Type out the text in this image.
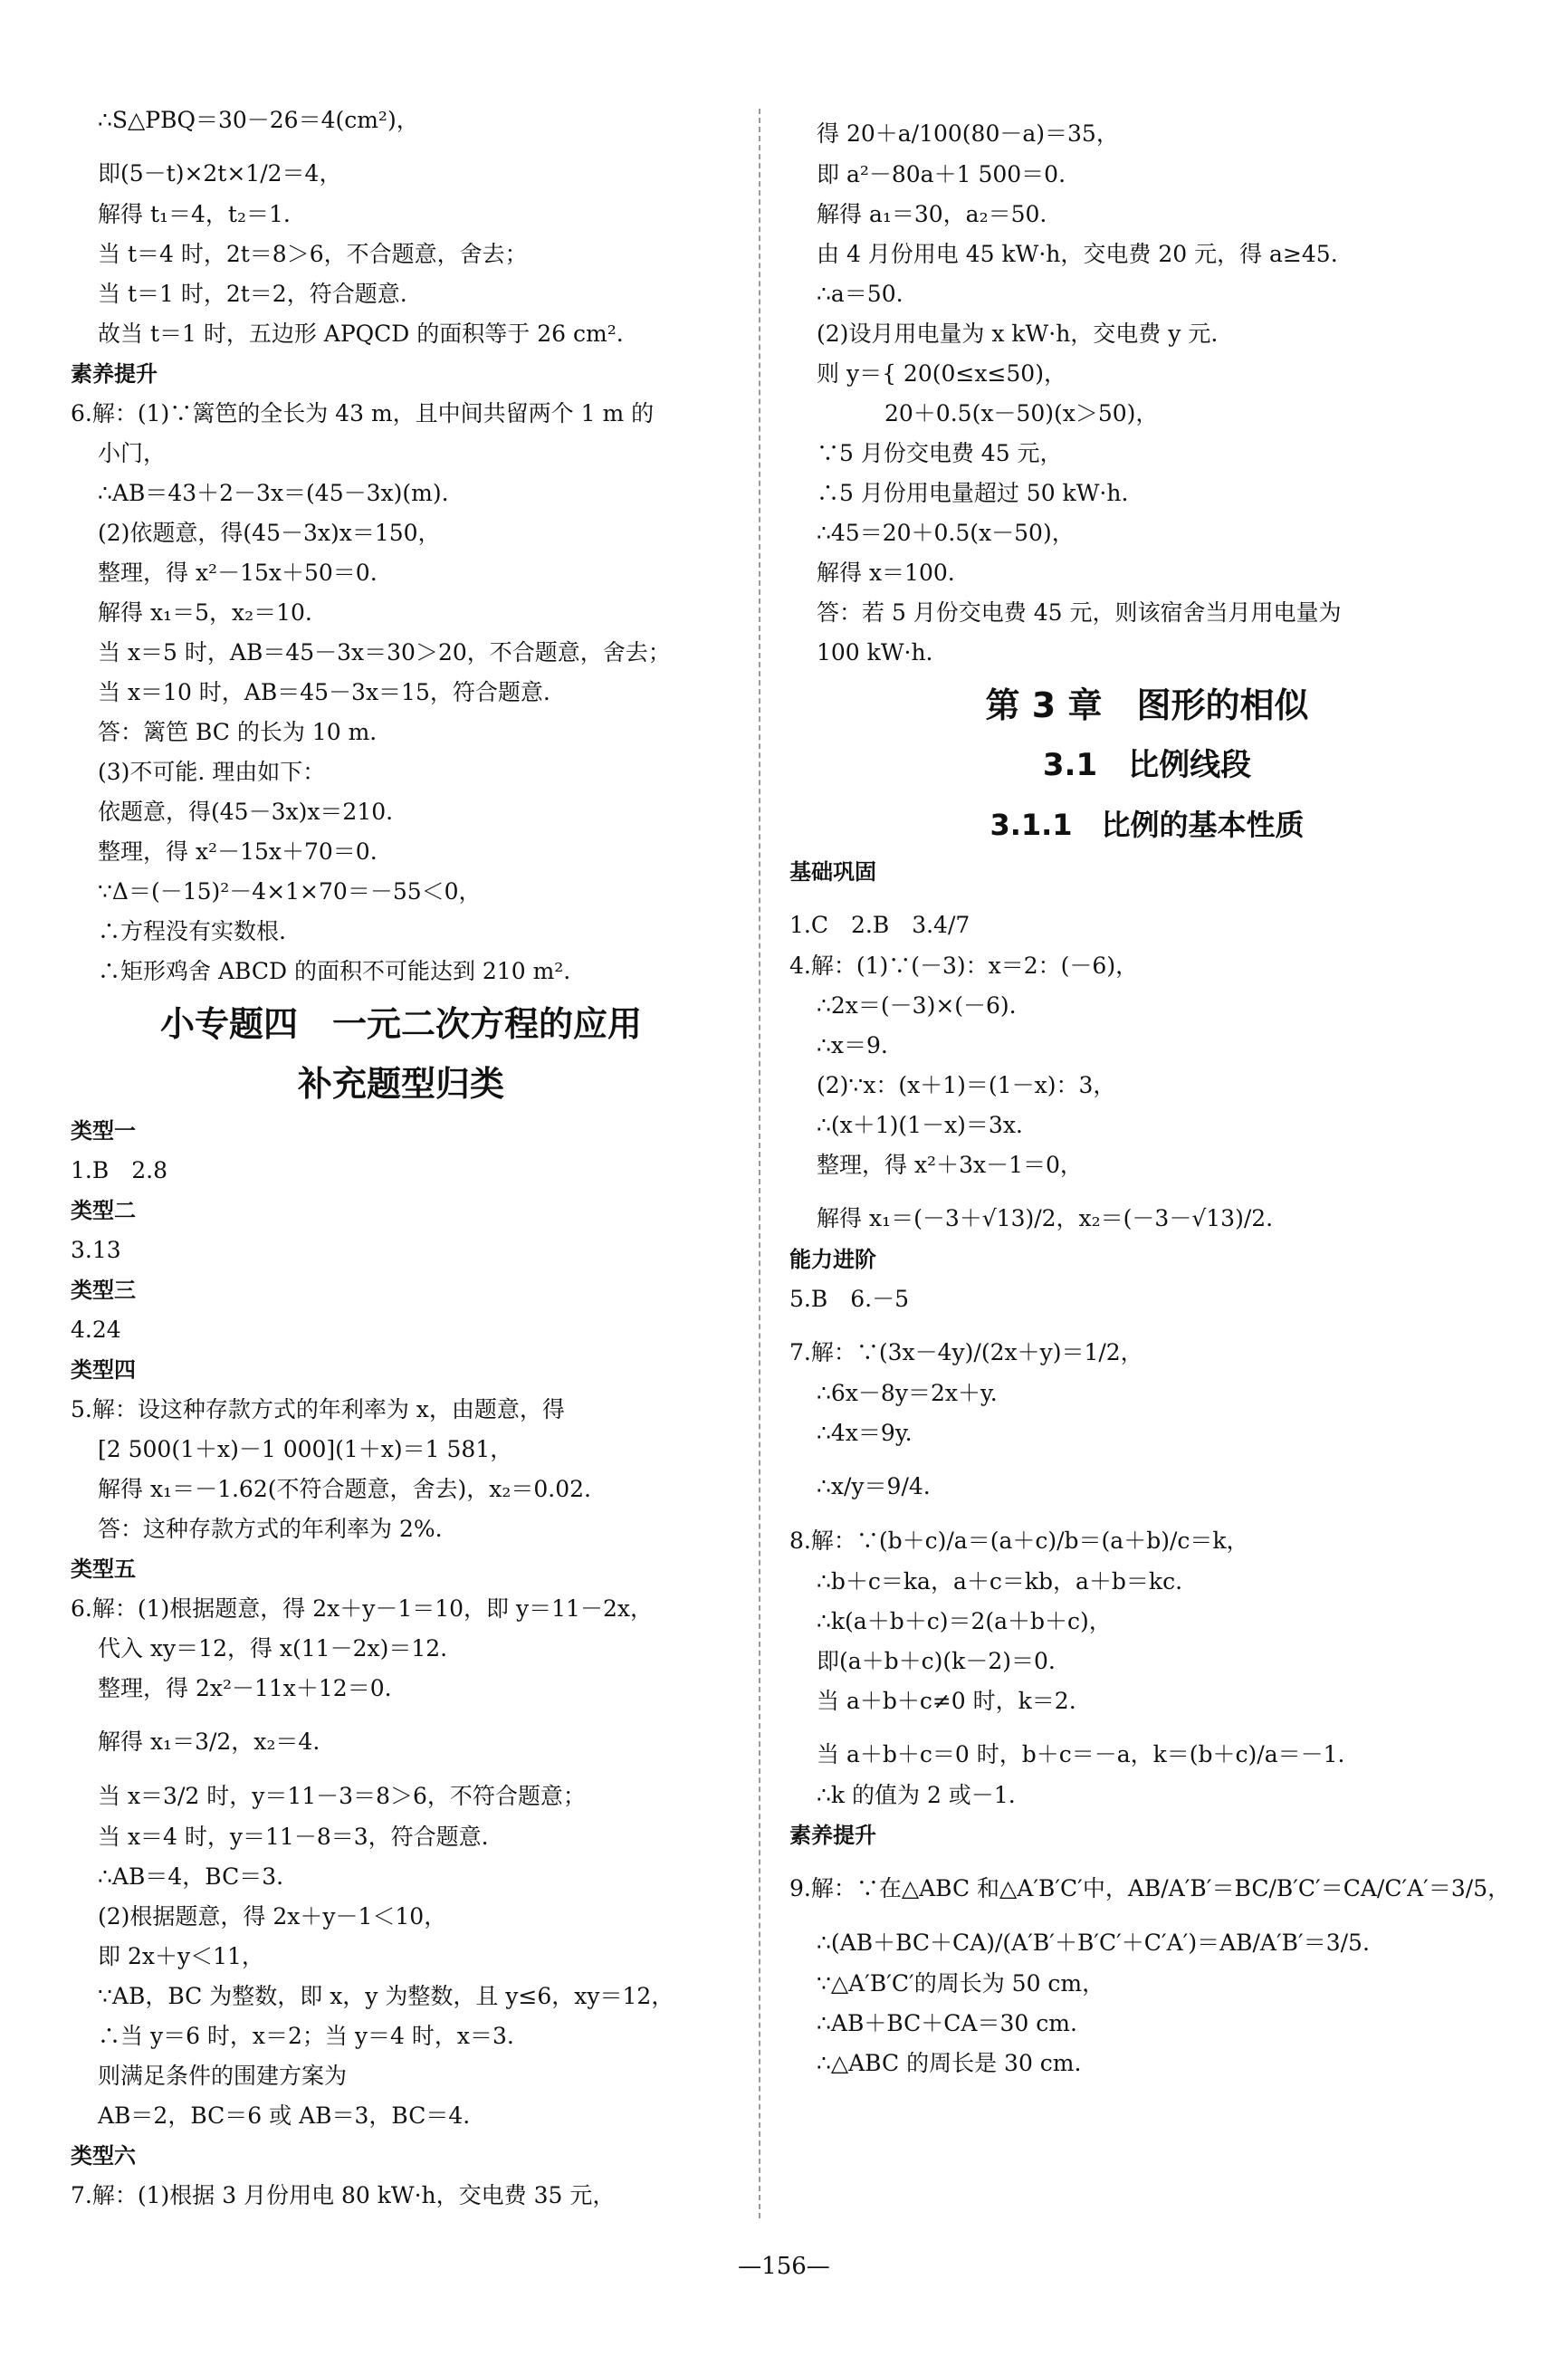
∴S△PBQ＝30－26＝4(cm²)，
即(5－t)×2t×1/2＝4，
解得 t₁＝4，t₂＝1.
当 t＝4 时，2t＝8＞6，不合题意，舍去；
当 t＝1 时，2t＝2，符合题意.
故当 t＝1 时，五边形 APQCD 的面积等于 26 cm².
素养提升
6.解：(1)∵篱笆的全长为 43 m，且中间共留两个 1 m 的
小门，
∴AB＝43＋2－3x＝(45－3x)(m).
(2)依题意，得(45－3x)x＝150，
整理，得 x²－15x＋50＝0.
解得 x₁＝5，x₂＝10.
当 x＝5 时，AB＝45－3x＝30＞20，不合题意，舍去；
当 x＝10 时，AB＝45－3x＝15，符合题意.
答：篱笆 BC 的长为 10 m.
(3)不可能. 理由如下：
依题意，得(45－3x)x＝210.
整理，得 x²－15x＋70＝0.
∵Δ＝(－15)²－4×1×70＝－55＜0，
∴方程没有实数根.
∴矩形鸡舍 ABCD 的面积不可能达到 210 m².
小专题四　一元二次方程的应用
补充题型归类
类型一
1.B　2.8
类型二
3.13
类型三
4.24
类型四
5.解：设这种存款方式的年利率为 x，由题意，得
[2 500(1＋x)－1 000](1＋x)＝1 581，
解得 x₁＝－1.62(不符合题意，舍去)，x₂＝0.02.
答：这种存款方式的年利率为 2%.
类型五
6.解：(1)根据题意，得 2x＋y－1＝10，即 y＝11－2x，
代入 xy＝12，得 x(11－2x)＝12.
整理，得 2x²－11x＋12＝0.
解得 x₁＝3/2，x₂＝4.
当 x＝3/2 时，y＝11－3＝8＞6，不符合题意；
当 x＝4 时，y＝11－8＝3，符合题意.
∴AB＝4，BC＝3.
(2)根据题意，得 2x＋y－1＜10，
即 2x＋y＜11，
∵AB，BC 为整数，即 x，y 为整数，且 y≤6，xy＝12，
∴当 y＝6 时，x＝2；当 y＝4 时，x＝3.
则满足条件的围建方案为
AB＝2，BC＝6 或 AB＝3，BC＝4.
类型六
7.解：(1)根据 3 月份用电 80 kW·h，交电费 35 元，
得 20＋a/100(80－a)＝35，
即 a²－80a＋1 500＝0.
解得 a₁＝30，a₂＝50.
由 4 月份用电 45 kW·h，交电费 20 元，得 a≥45.
∴a＝50.
(2)设月用电量为 x kW·h，交电费 y 元.
则 y＝{ 20(0≤x≤50)，
　　　20＋0.5(x－50)(x＞50)，
∵5 月份交电费 45 元，
∴5 月份用电量超过 50 kW·h.
∴45＝20＋0.5(x－50)，
解得 x＝100.
答：若 5 月份交电费 45 元，则该宿舍当月用电量为
100 kW·h.
第 3 章　图形的相似
3.1　比例线段
3.1.1　比例的基本性质
基础巩固
1.C　2.B　3.4/7
4.解：(1)∵(－3)：x＝2：(－6)，
∴2x＝(－3)×(－6).
∴x＝9.
(2)∵x：(x＋1)＝(1－x)：3，
∴(x＋1)(1－x)＝3x.
整理，得 x²＋3x－1＝0，
解得 x₁＝(－3＋√13)/2，x₂＝(－3－√13)/2.
能力进阶
5.B　6.－5
7.解：∵(3x－4y)/(2x＋y)＝1/2，
∴6x－8y＝2x＋y.
∴4x＝9y.
∴x/y＝9/4.
8.解：∵(b＋c)/a＝(a＋c)/b＝(a＋b)/c＝k，
∴b＋c＝ka，a＋c＝kb，a＋b＝kc.
∴k(a＋b＋c)＝2(a＋b＋c)，
即(a＋b＋c)(k－2)＝0.
当 a＋b＋c≠0 时，k＝2.
当 a＋b＋c＝0 时，b＋c＝－a，k＝(b＋c)/a＝－1.
∴k 的值为 2 或－1.
素养提升
9.解：∵在△ABC 和△A′B′C′中，AB/A′B′＝BC/B′C′＝CA/C′A′＝3/5，
∴(AB＋BC＋CA)/(A′B′＋B′C′＋C′A′)＝AB/A′B′＝3/5.
∵△A′B′C′的周长为 50 cm，
∴AB＋BC＋CA＝30 cm.
∴△ABC 的周长是 30 cm.
—156—
